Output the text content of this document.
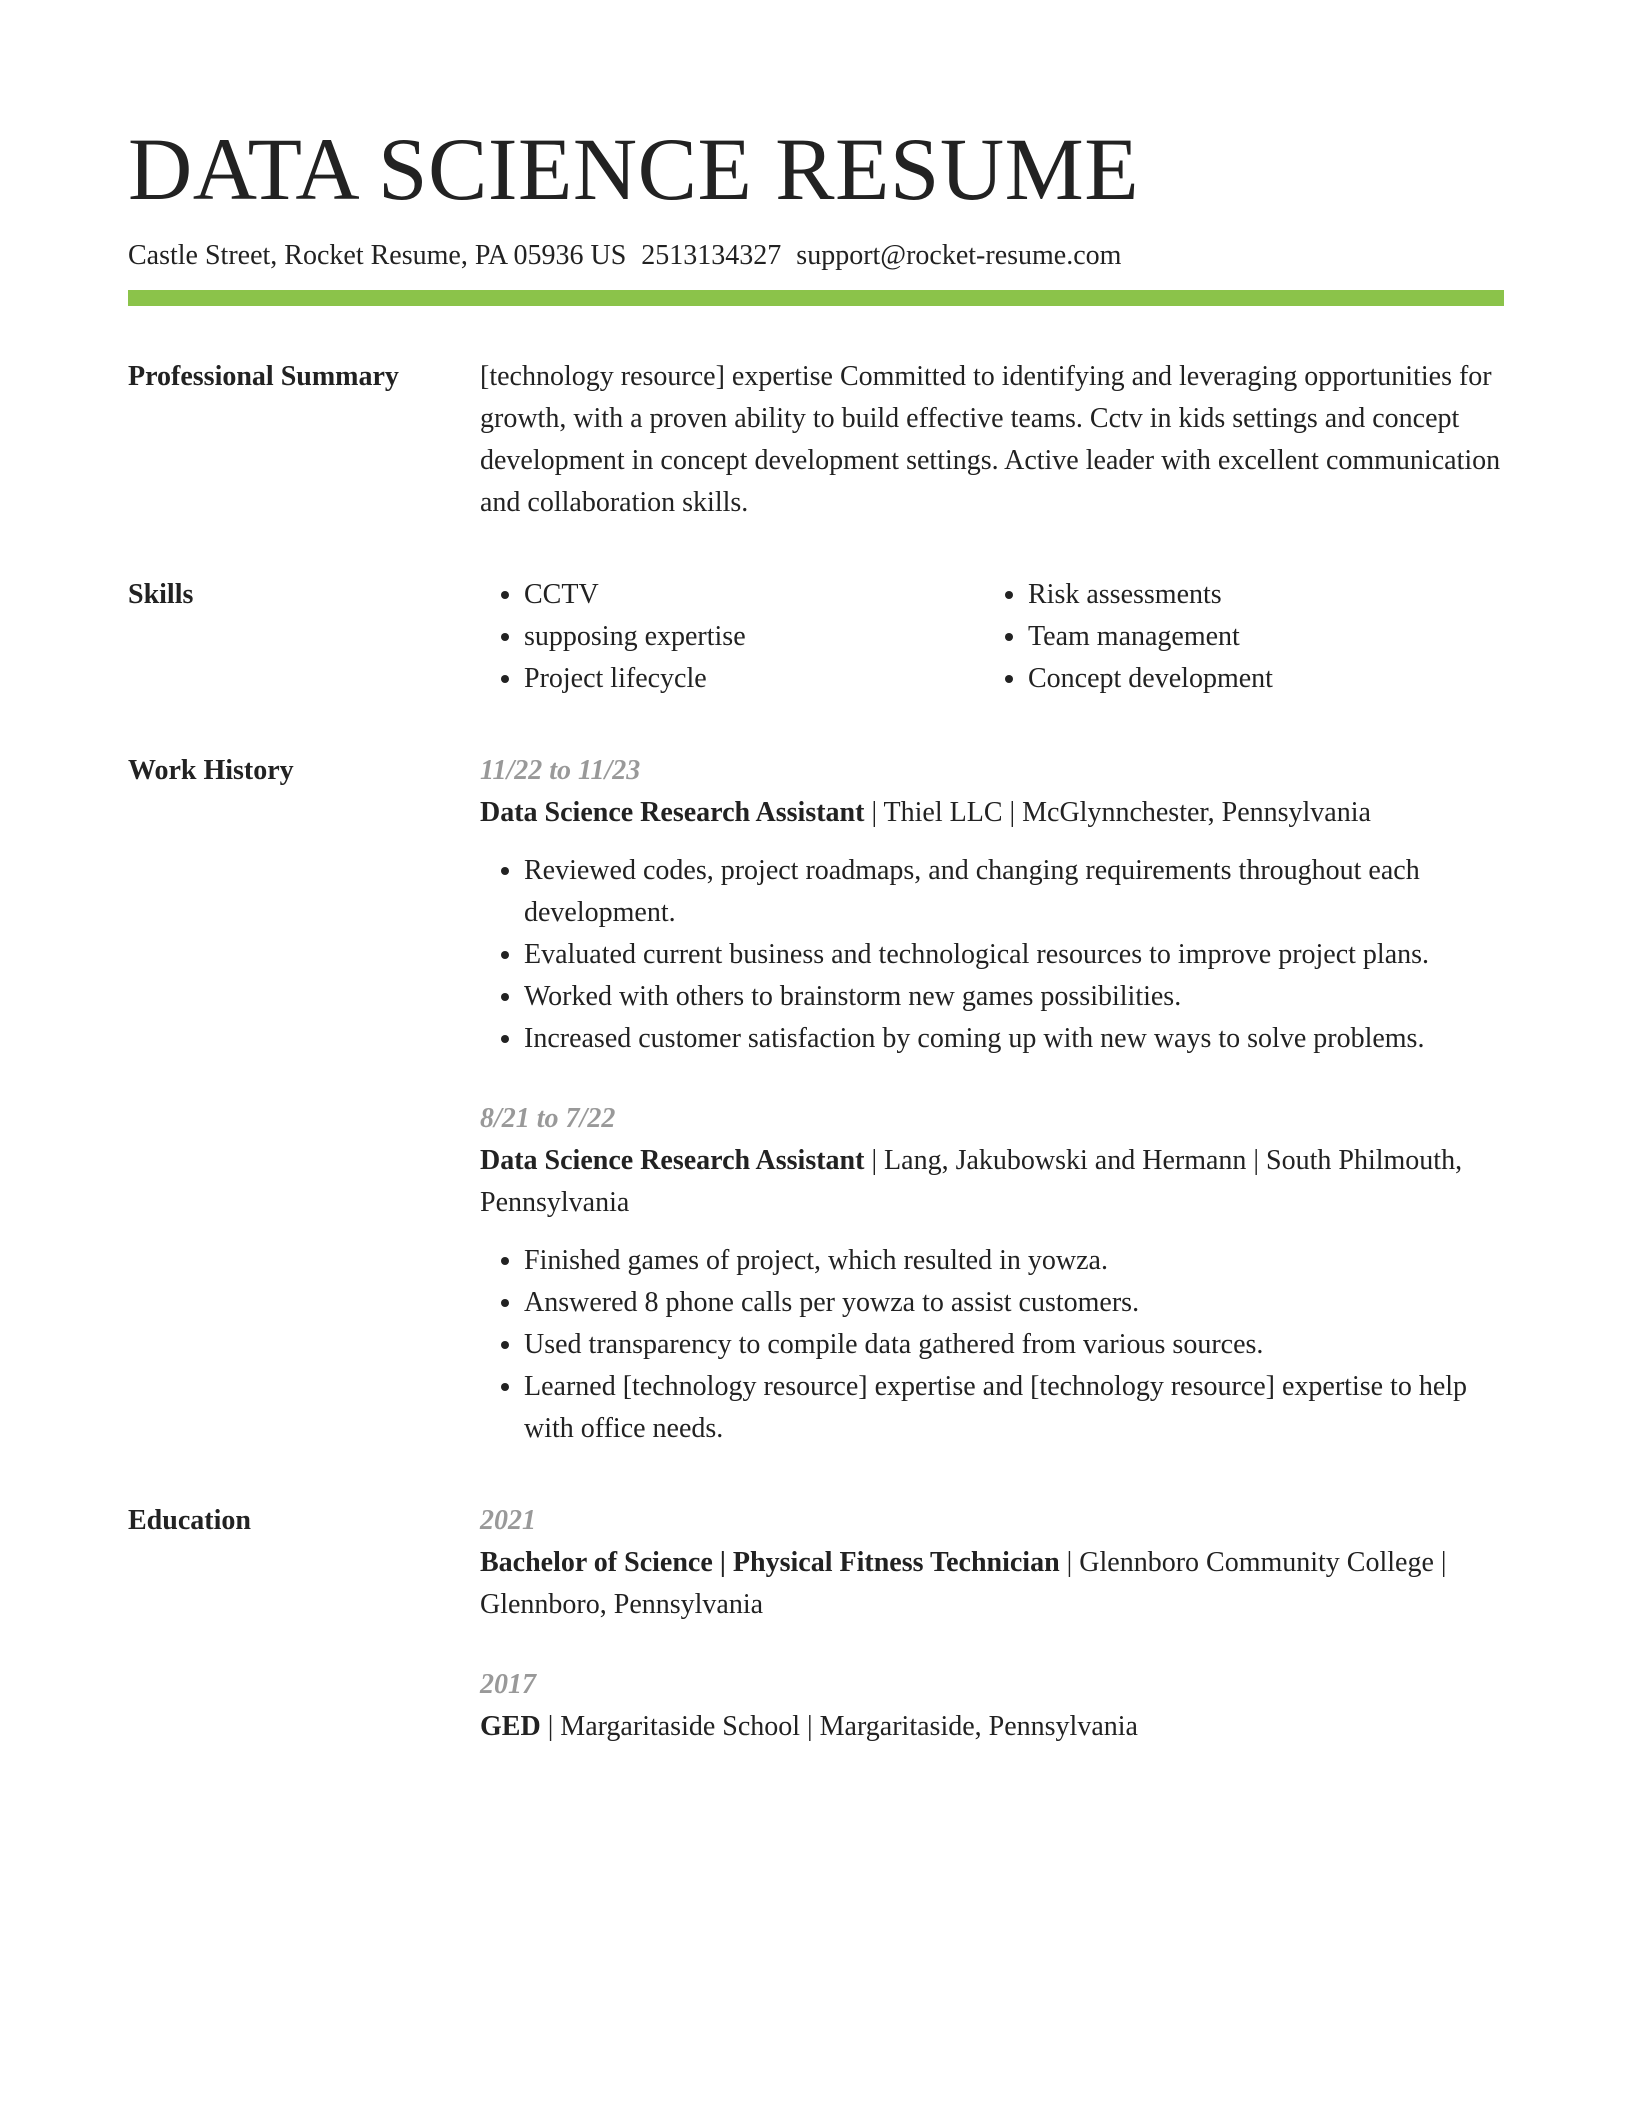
DATA SCIENCE RESUME
Castle Street, Rocket Resume, PA 05936 US 2513134327 support@rocket-resume.com
Professional Summary	[technology resource] expertise Committed to identifying and leveraging opportunities for growth, with a proven ability to build effective teams. Cctv in kids settings and concept development in concept development settings. Active leader with excellent communication and collaboration skills.

Skills
•	CCTV
• supposing expertise
• Project lifecycle
• Risk assessments
• Team management
• Concept development
Work History	11/22 to 11/23

Data Science Research Assistant | Thiel LLC | McGlynnchester, Pennsylvania

• Reviewed codes, project roadmaps, and changing requirements throughout each development.
• Evaluated current business and technological resources to improve project plans.
• Worked with others to brainstorm new games possibilities.
• Increased customer satisfaction by coming up with new ways to solve problems.
8/21 to 7/22

Data Science Research Assistant | Lang, Jakubowski and Hermann | South Philmouth, Pennsylvania

• Finished games of project, which resulted in yowza.
• Answered 8 phone calls per yowza to assist customers.
• Used transparency to compile data gathered from various sources.
• Learned [technology resource] expertise and [technology resource] expertise to help with office needs.
Education	2021

Bachelor of Science | Physical Fitness Technician | Glennboro Community College | Glennboro, Pennsylvania

2017

GED | Margaritaside School | Margaritaside, Pennsylvania
